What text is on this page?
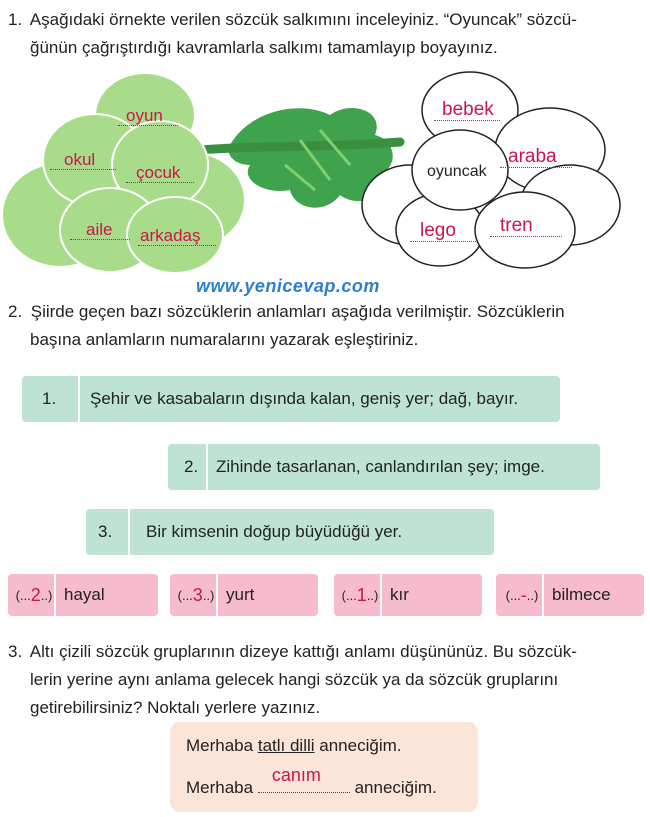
1. Aşağıdaki örnekte verilen sözcük salkımını inceleyiniz. “Oyuncak” sözcü-
ğünün çağrıştırdığı kavramlarla salkımı tamamlayıp boyayınız.
oyun
okul
çocuk
aile arkadaş
bebek
araba
oyuncak
lego tren
www.yenicevap.com
2. Şiirde geçen bazı sözcüklerin anlamları aşağıda verilmiştir. Sözcüklerin
başına anlamların numaralarını yazarak eşleştiriniz.
1.	Şehir ve kasabaların dışında kalan, geniş yer; dağ, bayır.
2.	Zihinde tasarlanan, canlandırılan şey; imge.
3.	Bir kimsenin doğup büyüdüğü yer.
(... 2 ..) hayal	(... 3 ..) yurt	(... 1 ..) kır	(... - ..) bilmece
3. Altı çizili sözcük gruplarının dizeye kattığı anlamı düşününüz. Bu sözcük-
lerin yerine aynı anlama gelecek hangi sözcük ya da sözcük gruplarını
getirebilirsiniz? Noktalı yerlere yazınız.
Merhaba tatlı dilli anneciğim.
Merhaba
canım
anneciğim.
